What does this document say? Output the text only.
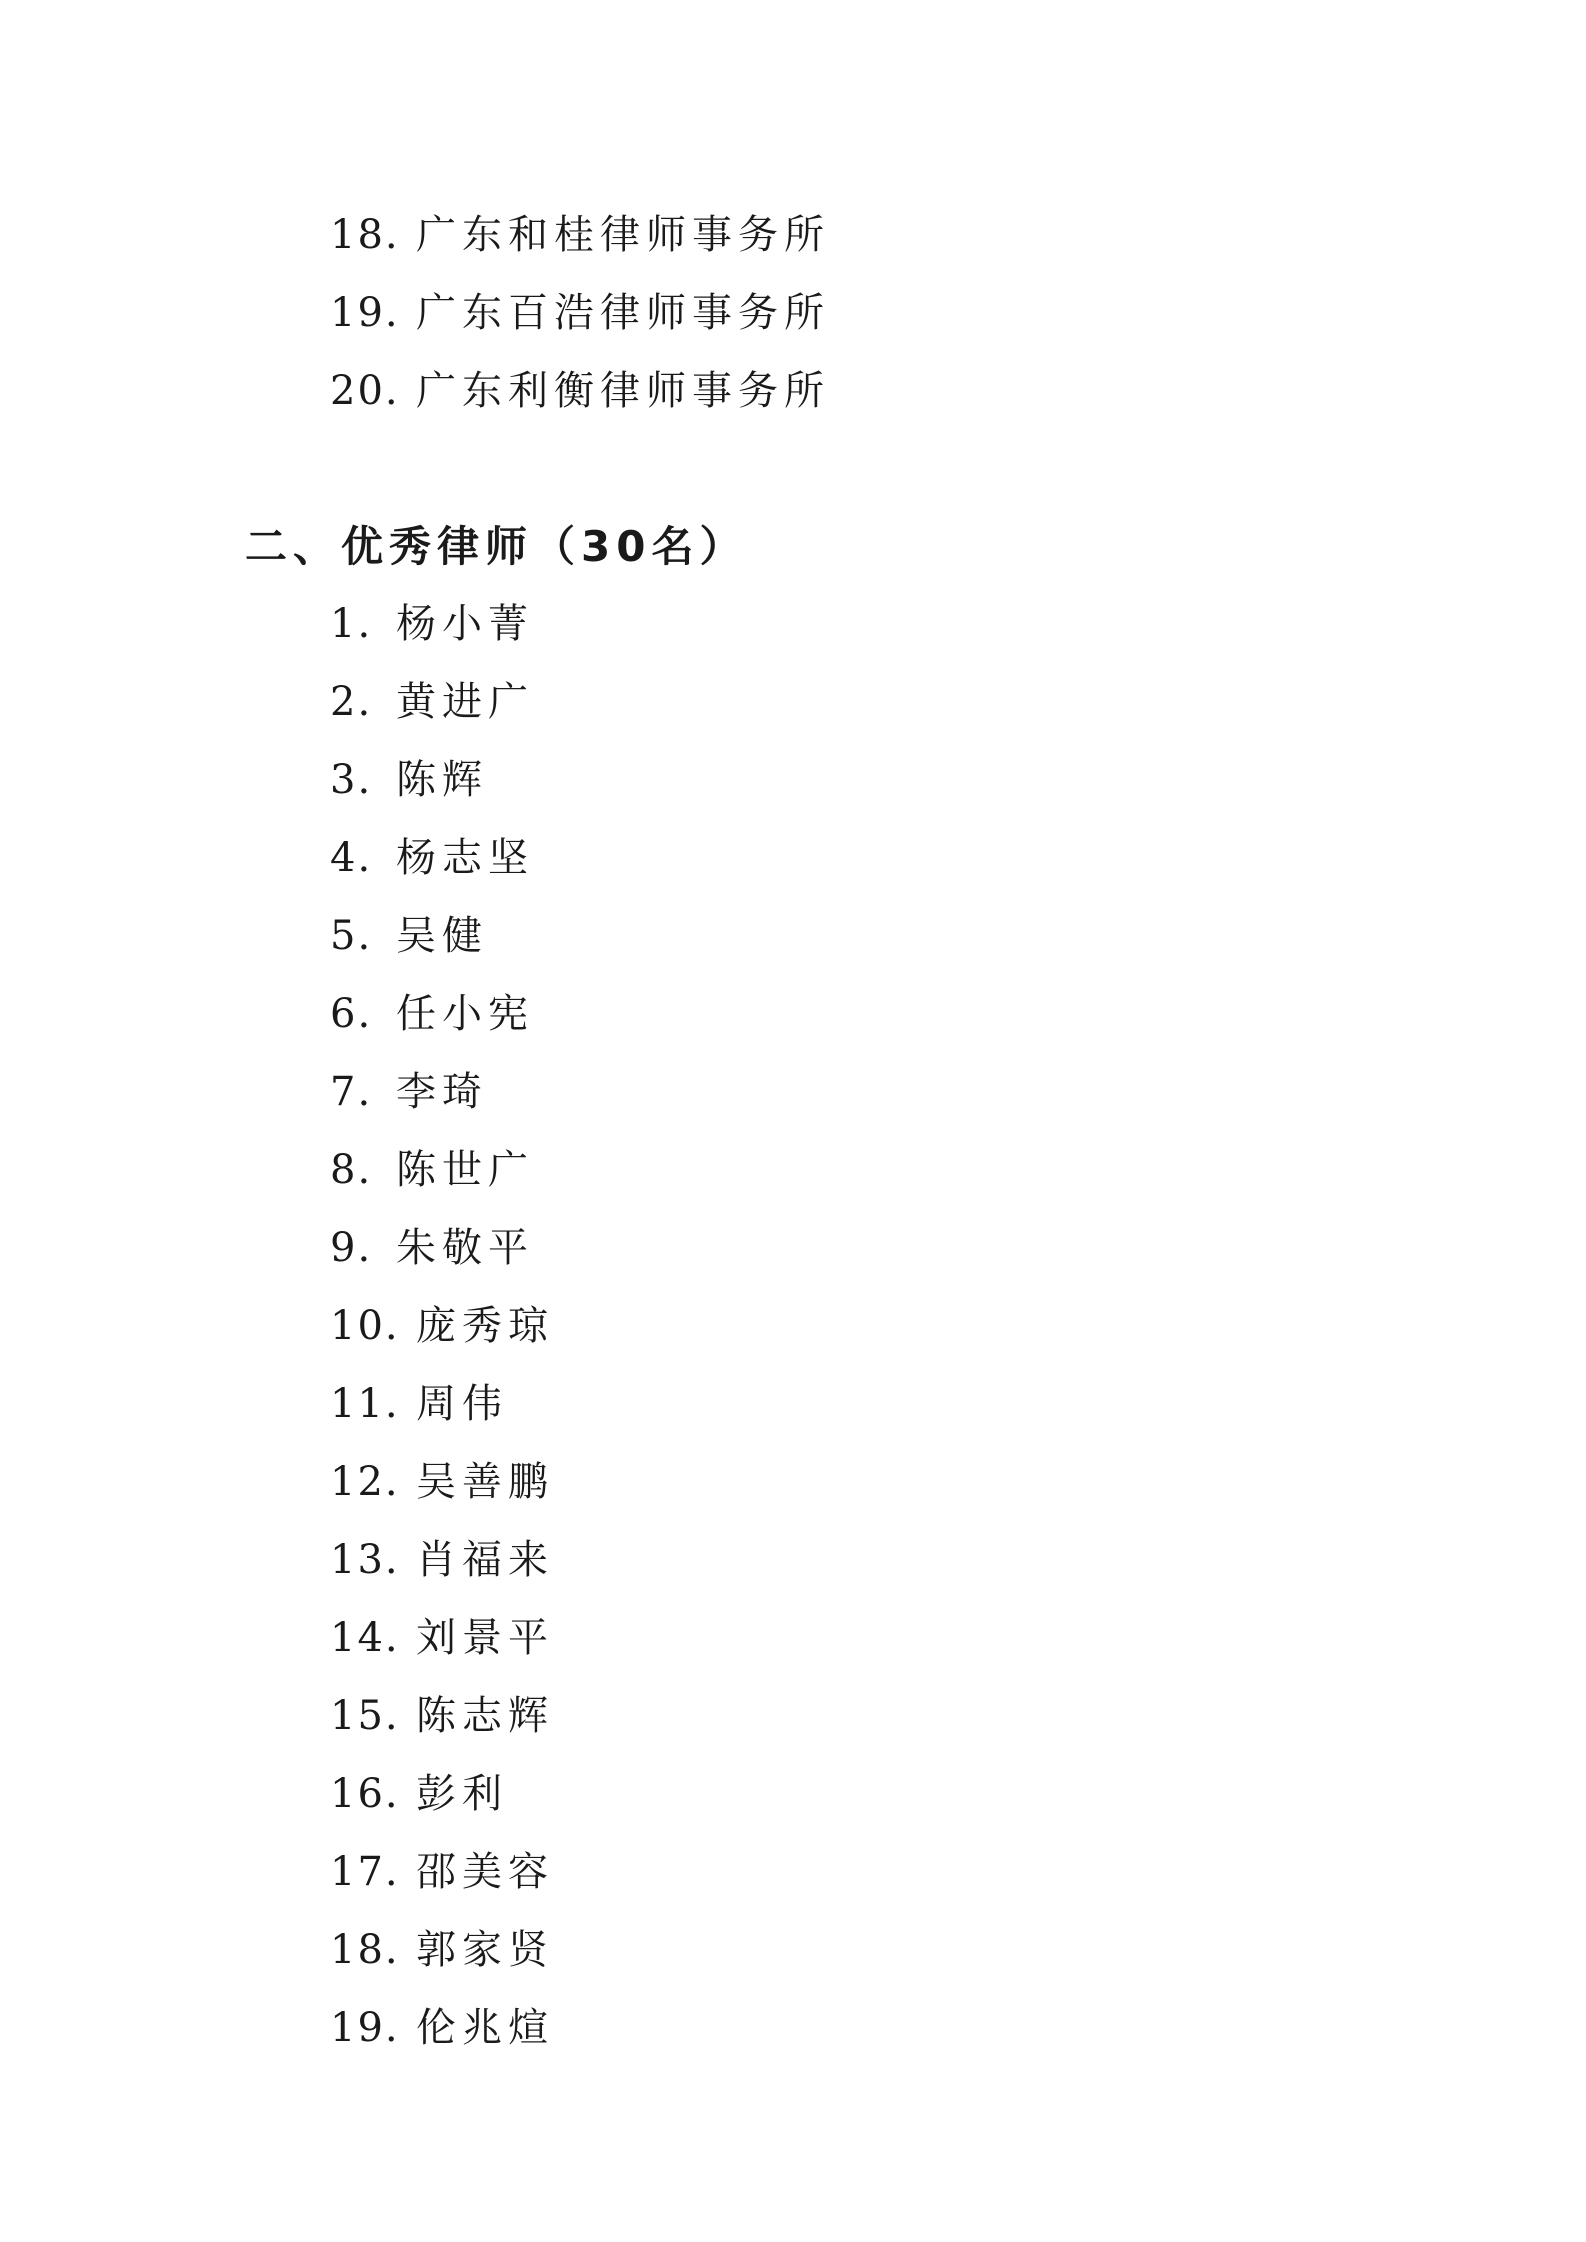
18. 广东和桂律师事务所
19. 广东百浩律师事务所
20. 广东利衡律师事务所
二、优秀律师（30名）
1. 杨小菁
2. 黄进广
3. 陈辉
4. 杨志坚
5. 吴健
6. 任小宪
7. 李琦
8. 陈世广
9. 朱敬平
10. 庞秀琼
11. 周伟
12. 吴善鹏
13. 肖福来
14. 刘景平
15. 陈志辉
16. 彭利
17. 邵美容
18. 郭家贤
19. 伦兆煊
